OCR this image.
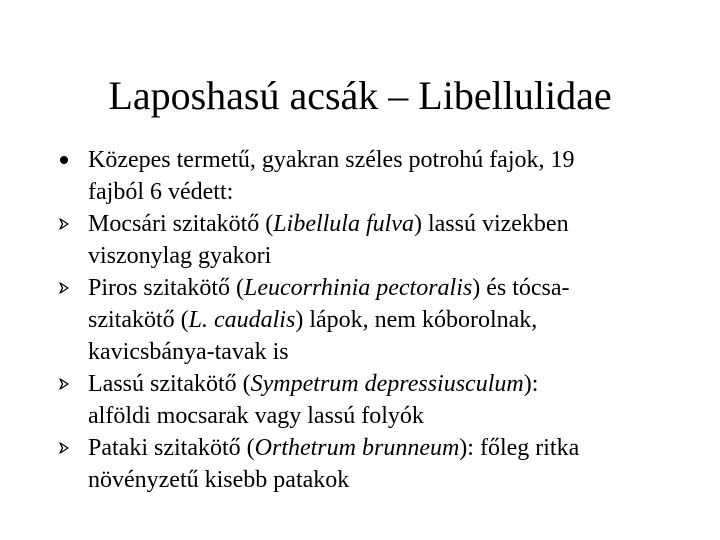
Laposhasú acsák – Libellulidae
Közepes termetű, gyakran széles potrohú fajok, 19
fajból 6 védett:
Mocsári szitakötő (Libellula fulva) lassú vizekben
viszonylag gyakori
Piros szitakötő (Leucorrhinia pectoralis) és tócsa-
szitakötő (L. caudalis) lápok, nem kóborolnak,
kavicsbánya-tavak is
Lassú szitakötő (Sympetrum depressiusculum):
alföldi mocsarak vagy lassú folyók
Pataki szitakötő (Orthetrum brunneum): főleg ritka
növényzetű kisebb patakok
